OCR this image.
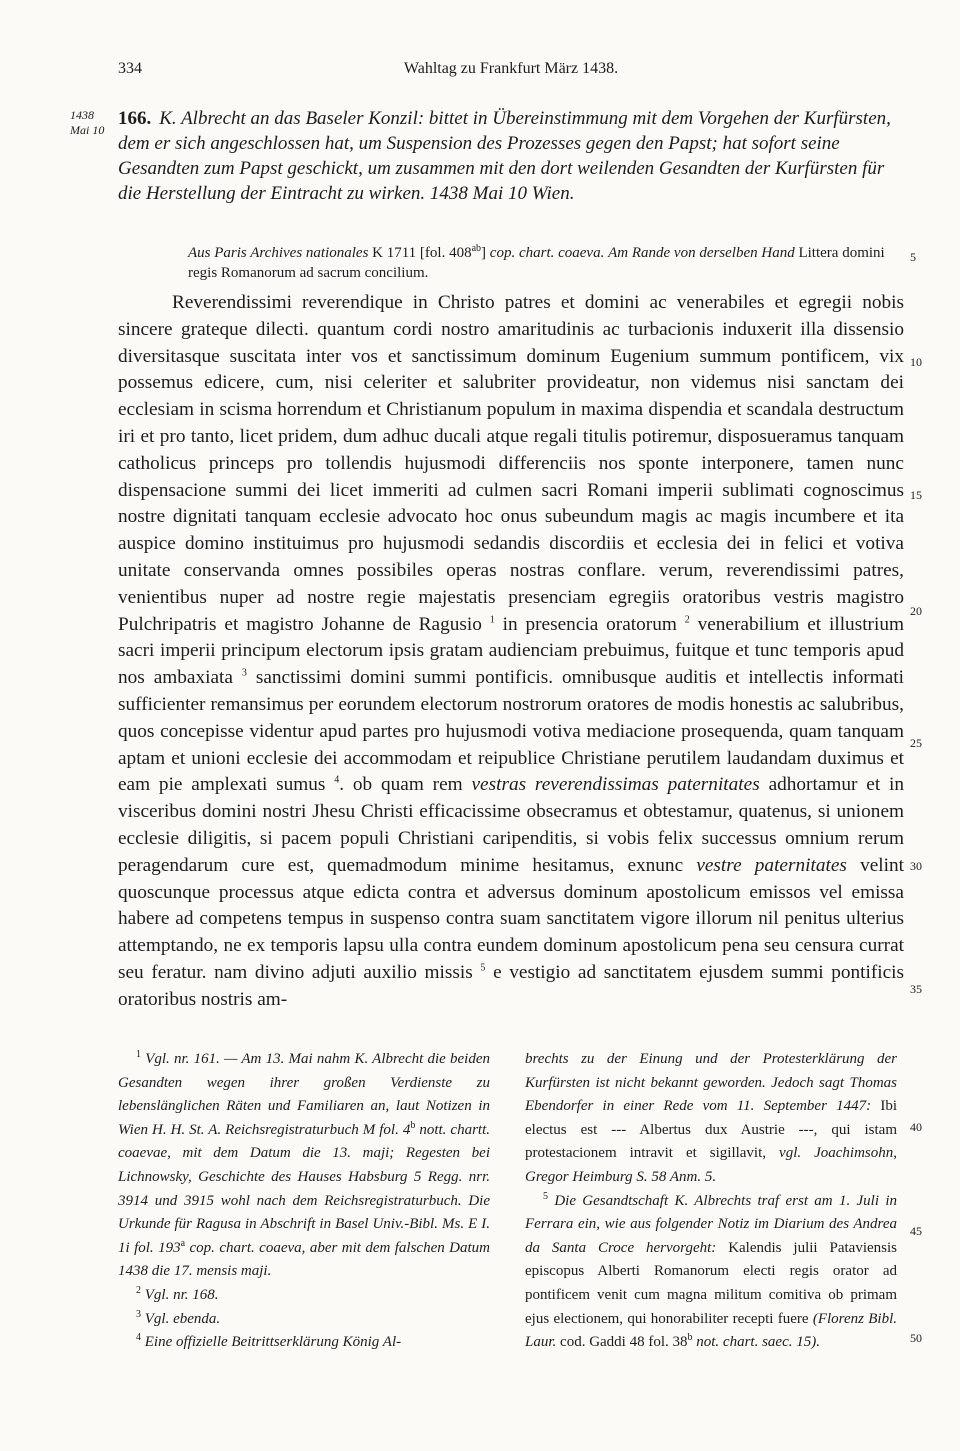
334	Wahltag zu Frankfurt März 1438.
1438
Mai 10
166. K. Albrecht an das Baseler Konzil: bittet in Übereinstimmung mit dem Vorgehen der Kurfürsten, dem er sich angeschlossen hat, um Suspension des Prozesses gegen den Papst; hat sofort seine Gesandten zum Papst geschickt, um zusammen mit den dort weilenden Gesandten der Kurfürsten für die Herstellung der Eintracht zu wirken. 1438 Mai 10 Wien.
Aus Paris Archives nationales K 1711 [fol. $408^{ab}$] cop. chart. coaeva. Am Rande von derselben Hand Littera domini regis Romanorum ad sacrum concilium.

Reverendissimi reverendique in Christo patres et domini ac venerabiles et egregii nobis sincere grateque dilecti. quantum cordi nostro amaritudinis ac turbacionis induxerit illa dissensio diversitasque suscitata inter vos et sanctissimum dominum Eugenium summum pontificem, vix possemus edicere, cum, nisi celeriter et salubriter provideatur, non videmus nisi sanctam dei ecclesiam in scisma horrendum et Christianum populum in maxima dispendia et scandala destructum iri et pro tanto, licet pridem, dum adhuc ducali atque regali titulis potiremur, disposueramus tanquam catholicus princeps pro tollendis hujusmodi differenciis nos sponte interponere, tamen nunc dispensacione summi dei licet immeriti ad culmen sacri Romani imperii sublimati cognoscimus nostre dignitati tanquam ecclesie advocato hoc onus subeundum magis ac magis incumbere et ita auspice domino instituimus pro hujusmodi sedandis discordiis et ecclesia dei in felici et votiva unitate conservanda omnes possibiles operas nostras conflare. verum, reverendissimi patres, venientibus nuper ad nostre regie majestatis presenciam egregiis oratoribus vestris magistro Pulchripatris et magistro Johanne de Ragusio $^1$ in presencia oratorum $^2$ venerabilium et illustrium sacri imperii principum electorum ipsis gratam audienciam prebuimus, fuitque et tunc temporis apud nos ambaxiata $^3$ sanctissimi domini summi pontificis. omnibusque auditis et intellectis informati sufficienter remansimus per eorundem electorum nostrorum oratores de modis honestis ac salubribus, quos concepisse videntur apud partes pro hujusmodi votiva mediacione prosequenda, quam tanquam aptam et unioni ecclesie dei accommodam et reipublice Christiane perutilem laudandam duximus et eam pie amplexati sumus $^4$. ob quam rem vestras reverendissimas paternitates adhortamur et in visceribus domini nostri Jhesu Christi efficacissime obsecramus et obtestamur, quatenus, si unionem ecclesie diligitis, si pacem populi Christiani caripenditis, si vobis felix successus omnium rerum peragendarum cure est, quemadmodum minime hesitamus, exnunc vestre paternitates velint quoscunque processus atque edicta contra et adversus dominum apostolicum emissos vel emissa habere ad competens tempus in suspenso contra suam sanctitatem vigore illorum nil penitus ulterius attemptando, ne ex temporis lapsu ulla contra eundem dominum apostolicum pena seu censura currat seu feratur. nam divino adjuti auxilio missis $^5$ e vestigio ad sanctitatem ejusdem summi pontificis oratoribus nostris am-

5
10
15
20
25
30
35
40
45
50

$^1$ Vgl. nr. 161. — Am 13. Mai nahm K. Albrecht die beiden Gesandten wegen ihrer großen Verdienste zu lebenslänglichen Räten und Familiaren an, laut Notizen in Wien H. H. St. A. Reichsregistraturbuch M fol. 4$^b$ nott. chartt. coaevae, mit dem Datum die 13. maji; Regesten bei Lichnowsky, Geschichte des Hauses Habsburg 5 Regg. nrr. 3914 und 3915 wohl nach dem Reichsregistraturbuch. Die Urkunde für Ragusa in Abschrift in Basel Univ.-Bibl. Ms. E I. 1i fol. 193$^a$ cop. chart. coaeva, aber mit dem falschen Datum 1438 die 17. mensis maji.

$^2$ Vgl. nr. 168.

$^3$ Vgl. ebenda.

$^4$ Eine offizielle Beitrittserklärung König Al-

brechts zu der Einung und der Protesterklärung der Kurfürsten ist nicht bekannt geworden. Jedoch sagt Thomas Ebendorfer in einer Rede vom 11. September 1447: Ibi electus est --- Albertus dux Austrie ---, qui istam protestacionem intravit et sigillavit, vgl. Joachimsohn, Gregor Heimburg S. 58 Anm. 5.

$^5$ Die Gesandtschaft K. Albrechts traf erst am 1. Juli in Ferrara ein, wie aus folgender Notiz im Diarium des Andrea da Santa Croce hervorgeht: Kalendis julii Pataviensis episcopus Alberti Romanorum electi regis orator ad pontificem venit cum magna militum comitiva ob primam ejus electionem, qui honorabiliter recepti fuere (Florenz Bibl. Laur. cod. Gaddi 48 fol. 38$^b$ not. chart. saec. 15).
